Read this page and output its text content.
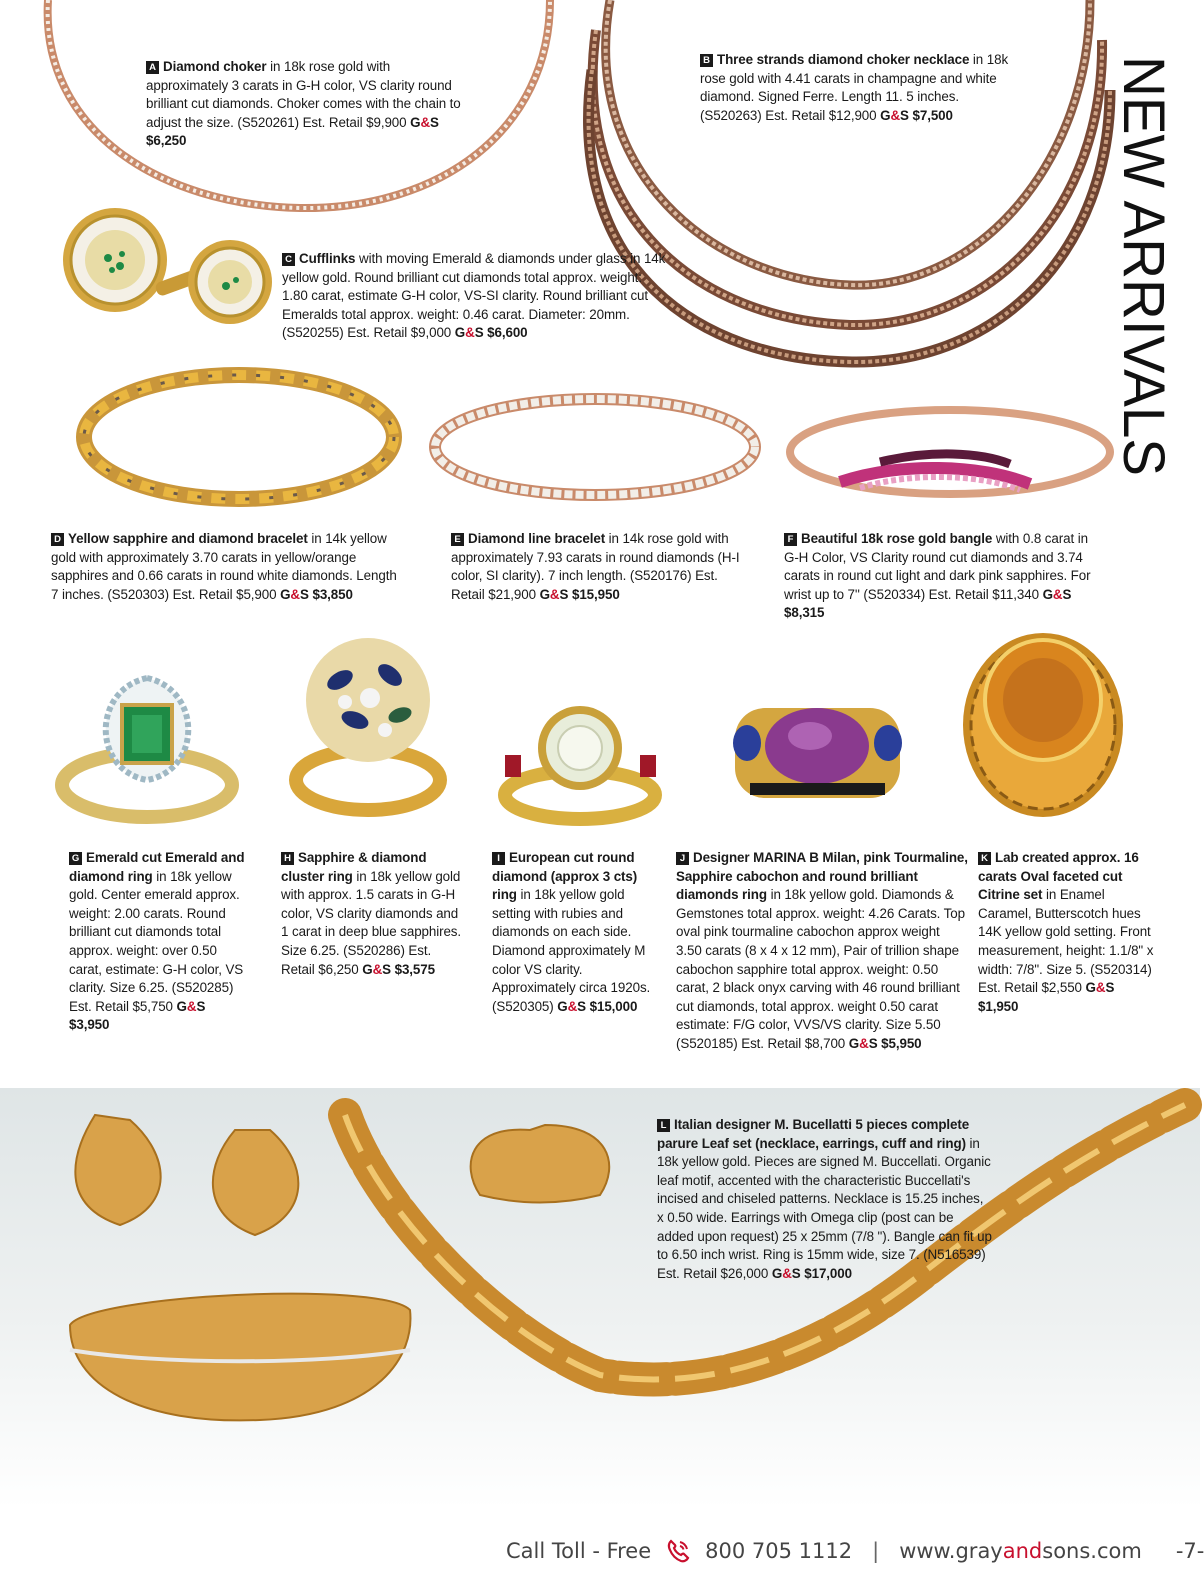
A Diamond choker in 18k rose gold with approximately 3 carats in G-H color, VS clarity round brilliant cut diamonds. Choker comes with the chain to adjust the size. (S520261) Est. Retail $9,900 G&S $6,250
B Three strands diamond choker necklace in 18k rose gold with 4.41 carats in champagne and white diamond. Signed Ferre. Length 11. 5 inches. (S520263) Est. Retail $12,900 G&S $7,500
C Cufflinks with moving Emerald & diamonds under glass in 14k yellow gold. Round brilliant cut diamonds total approx. weight: 1.80 carat, estimate G-H color, VS-SI clarity. Round brilliant cut Emeralds total approx. weight: 0.46 carat. Diameter: 20mm. (S520255) Est. Retail $9,000 G&S $6,600
D Yellow sapphire and diamond bracelet in 14k yellow gold with approximately 3.70 carats in yellow/orange sapphires and 0.66 carats in round white diamonds. Length 7 inches. (S520303) Est. Retail $5,900 G&S $3,850
E Diamond line bracelet in 14k rose gold with approximately 7.93 carats in round diamonds (H-I color, SI clarity). 7 inch length. (S520176) Est. Retail $21,900 G&S $15,950
F Beautiful 18k rose gold bangle with 0.8 carat in G-H Color, VS Clarity round cut diamonds and 3.74 carats in round cut light and dark pink sapphires. For wrist up to 7'' (S520334) Est. Retail $11,340 G&S $8,315
G Emerald cut Emerald and diamond ring in 18k yellow gold. Center emerald approx. weight: 2.00 carats. Round brilliant cut diamonds total approx. weight: over 0.50 carat, estimate: G-H color, VS clarity. Size 6.25. (S520285) Est. Retail $5,750 G&S $3,950
H Sapphire & diamond cluster ring in 18k yellow gold with approx. 1.5 carats in G-H color, VS clarity diamonds and 1 carat in deep blue sapphires. Size 6.25. (S520286) Est. Retail $6,250 G&S $3,575
I European cut round diamond (approx 3 cts) ring in 18k yellow gold setting with rubies and diamonds on each side. Diamond approximately M color VS clarity. Approximately circa 1920s. (S520305) G&S $15,000
J Designer MARINA B Milan, pink Tourmaline, Sapphire cabochon and round brilliant diamonds ring in 18k yellow gold. Diamonds & Gemstones total approx. weight: 4.26 Carats. Top oval pink tourmaline cabochon approx weight 3.50 carats (8 x 4 x 12 mm), Pair of trillion shape cabochon sapphire total approx. weight: 0.50 carat, 2 black onyx carving with 46 round brilliant cut diamonds, total approx. weight 0.50 carat estimate: F/G color, VVS/VS clarity. Size 5.50 (S520185) Est. Retail $8,700 G&S $5,950
K Lab created approx. 16 carats Oval faceted cut Citrine set in Enamel Caramel, Butterscotch hues 14K yellow gold setting. Front measurement, height: 1.1/8" x width: 7/8". Size 5. (S520314) Est. Retail $2,550 G&S $1,950
L Italian designer M. Bucellatti 5 pieces complete parure Leaf set (necklace, earrings, cuff and ring) in 18k yellow gold. Pieces are signed M. Buccellati. Organic leaf motif, accented with the characteristic Buccellati's incised and chiseled patterns. Necklace is 15.25 inches, x 0.50 wide. Earrings with Omega clip (post can be added upon request) 25 x 25mm (7/8 "). Bangle can fit up to 6.50 inch wrist. Ring is 15mm wide, size 7. (N516539) Est. Retail $26,000 G&S $17,000
NEW ARRIVALS
Call Toll - Free	800 705 1112 | www.grayandsons.com -7-
